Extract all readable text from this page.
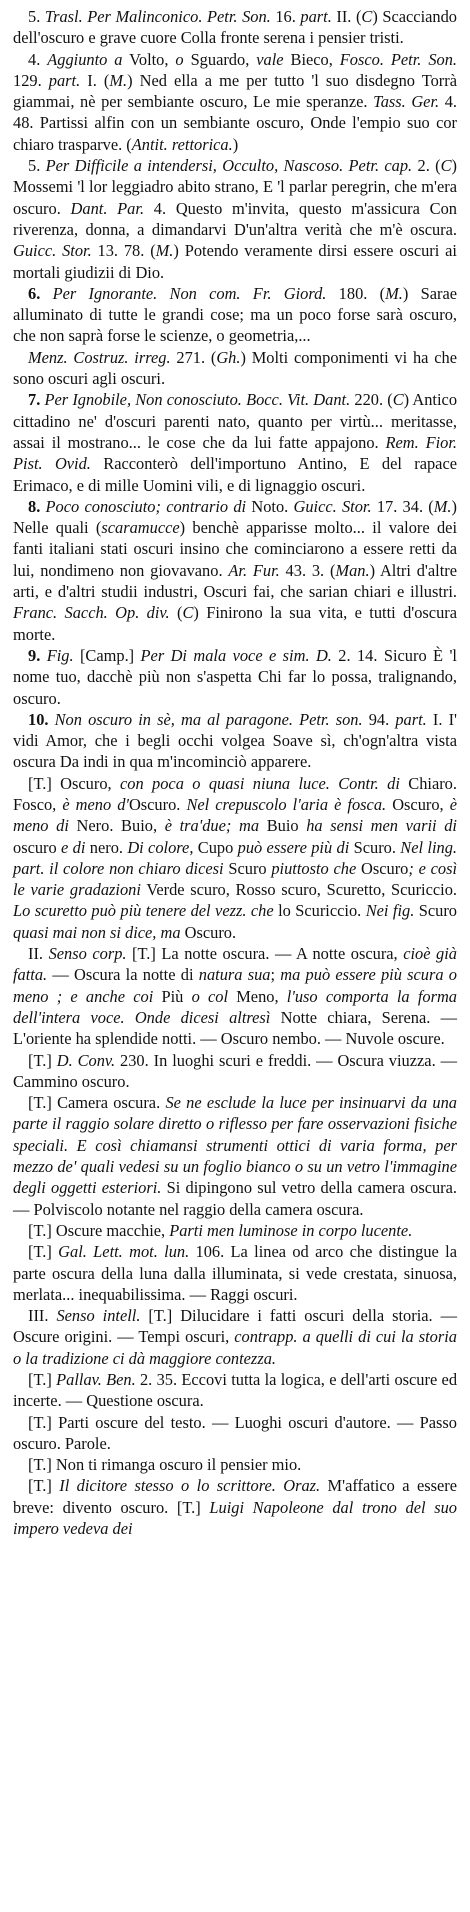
5. Trasl. Per Malinconico. Petr. Son. 16. part. II. (C) Scacciando dell'oscuro e grave cuore Colla fronte serena i pensier tristi.

4. Aggiunto a Volto, o Sguardo, vale Bieco, Fosco. Petr. Son. 129. part. I. (M.) Ned ella a me per tutto 'l suo disdegno Torrà giammai, nè per sembiante oscuro, Le mie speranze. Tass. Ger. 4. 48. Partissi alfin con un sembiante oscuro, Onde l'empio suo cor chiaro trasparve. (Antit. rettorica.)

5. Per Difficile a intendersi, Occulto, Nascoso. Petr. cap. 2. (C) Mossemi 'l lor leggiadro abito strano, E 'l parlar peregrin, che m'era oscuro. Dant. Par. 4. Questo m'invita, questo m'assicura Con riverenza, donna, a dimandarvi D'un'altra verità che m'è oscura. Guicc. Stor. 13. 78. (M.) Potendo veramente dirsi essere oscuri ai mortali giudizii di Dio.

6. Per Ignorante. Non com. Fr. Giord. 180. (M.) Sarae alluminato di tutte le grandi cose; ma un poco forse sarà oscuro, che non saprà forse le scienze, o geometria,...

Menz. Costruz. irreg. 271. (Gh.) Molti componimenti vi ha che sono oscuri agli oscuri.

7. Per Ignobile, Non conosciuto. Bocc. Vit. Dant. 220. (C) Antico cittadino ne' d'oscuri parenti nato, quanto per virtù... meritasse, assai il mostrano... le cose che da lui fatte appajono. Rem. Fior. Pist. Ovid. Racconterò dell'importuno Antino, E del rapace Erimaco, e di mille Uomini vili, e di lignaggio oscuri.

8. Poco conosciuto; contrario di Noto. Guicc. Stor. 17. 34. (M.) Nelle quali (scaramucce) benchè apparisse molto... il valore dei fanti italiani stati oscuri insino che cominciarono a essere retti da lui, nondimeno non giovavano. Ar. Fur. 43. 3. (Man.) Altri d'altre arti, e d'altri studii industri, Oscuri fai, che sarian chiari e illustri. Franc. Sacch. Op. div. (C) Finirono la sua vita, e tutti d'oscura morte.

9. Fig. [Camp.] Per Di mala voce e sim. D. 2. 14. Sicuro È 'l nome tuo, dacchè più non s'aspetta Chi far lo possa, tralignando, oscuro.

10. Non oscuro in sè, ma al paragone. Petr. son. 94. part. I. I' vidi Amor, che i begli occhi volgea Soave sì, ch'ogn'altra vista oscura Da indi in qua m'incominciò apparere.

[T.] Oscuro, con poca o quasi niuna luce. Contr. di Chiaro. Fosco, è meno d'Oscuro. Nel crepuscolo l'aria è fosca. Oscuro, è meno di Nero. Buio, è tra'due; ma Buio ha sensi men varii di oscuro e di nero. Di colore, Cupo può essere più di Scuro. Nel ling. part. il colore non chiaro dicesi Scuro piuttosto che Oscuro; e così le varie gradazioni Verde scuro, Rosso scuro, Scuretto, Scuriccio. Lo scuretto può più tenere del vezz. che lo Scuriccio. Nei fig. Scuro quasi mai non si dice, ma Oscuro.

II. Senso corp. [T.] La notte oscura. — A notte oscura, cioè già fatta. — Oscura la notte di natura sua; ma può essere più scura o meno ; e anche coi Più o col Meno, l'uso comporta la forma dell'intera voce. Onde dicesi altresì Notte chiara, Serena. — L'oriente ha splendide notti. — Oscuro nembo. — Nuvole oscure.

[T.] D. Conv. 230. In luoghi scuri e freddi. — Oscura viuzza. — Cammino oscuro.

[T.] Camera oscura. Se ne esclude la luce per insinuarvi da una parte il raggio solare diretto o riflesso per fare osservazioni fisiche speciali. E così chiamansi strumenti ottici di varia forma, per mezzo de' quali vedesi su un foglio bianco o su un vetro l'immagine degli oggetti esteriori. Si dipingono sul vetro della camera oscura. — Polviscolo notante nel raggio della camera oscura.

[T.] Oscure macchie, Parti men luminose in corpo lucente.

[T.] Gal. Lett. mot. lun. 106. La linea od arco che distingue la parte oscura della luna dalla illuminata, si vede crestata, sinuosa, merlata... inequabilissima. — Raggi oscuri.

III. Senso intell. [T.] Dilucidare i fatti oscuri della storia. — Oscure origini. — Tempi oscuri, contrapp. a quelli di cui la storia o la tradizione ci dà maggiore contezza.

[T.] Pallav. Ben. 2. 35. Eccovi tutta la logica, e dell'arti oscure ed incerte. — Questione oscura.

[T.] Parti oscure del testo. — Luoghi oscuri d'autore. — Passo oscuro. Parole.

[T.] Non ti rimanga oscuro il pensier mio.

[T.] Il dicitore stesso o lo scrittore. Oraz. M'affatico a essere breve: divento oscuro. [T.] Luigi Napoleone dal trono del suo impero vedeva dei
